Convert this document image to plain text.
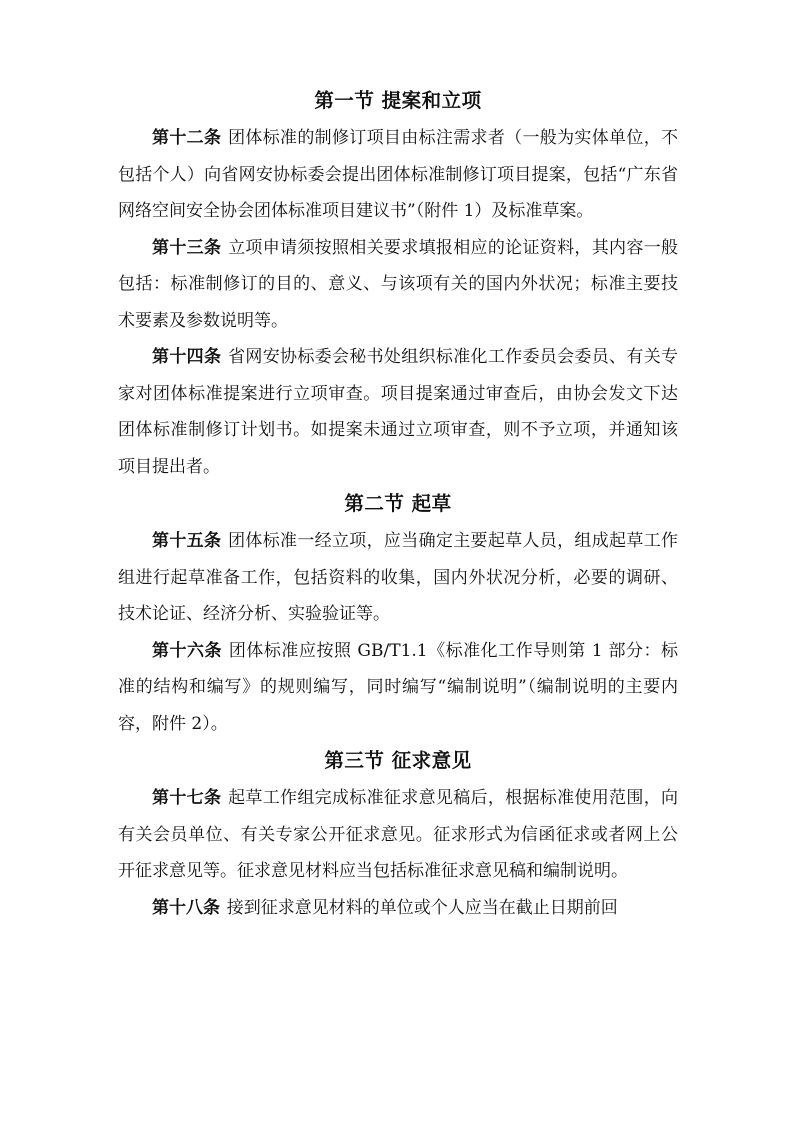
第一节 提案和立项

第十二条 团体标准的制修订项目由标注需求者（一般为实体单位，不包括个人）向省网安协标委会提出团体标准制修订项目提案，包括“广东省网络空间安全协会团体标准项目建议书”（附件 1）及标准草案。

第十三条 立项申请须按照相关要求填报相应的论证资料，其内容一般包括：标准制修订的目的、意义、与该项有关的国内外状况；标准主要技术要素及参数说明等。

第十四条 省网安协标委会秘书处组织标准化工作委员会委员、有关专家对团体标准提案进行立项审查。项目提案通过审查后，由协会发文下达团体标准制修订计划书。如提案未通过立项审查，则不予立项，并通知该项目提出者。

第二节 起草

第十五条 团体标准一经立项，应当确定主要起草人员，组成起草工作组进行起草准备工作，包括资料的收集，国内外状况分析，必要的调研、技术论证、经济分析、实验验证等。

第十六条 团体标准应按照 GB/T1.1《标准化工作导则第 1 部分：标准的结构和编写》的规则编写，同时编写“编制说明”（编制说明的主要内容，附件 2）。

第三节 征求意见

第十七条 起草工作组完成标准征求意见稿后，根据标准使用范围，向有关会员单位、有关专家公开征求意见。征求形式为信函征求或者网上公开征求意见等。征求意见材料应当包括标准征求意见稿和编制说明。

第十八条 接到征求意见材料的单位或个人应当在截止日期前回
